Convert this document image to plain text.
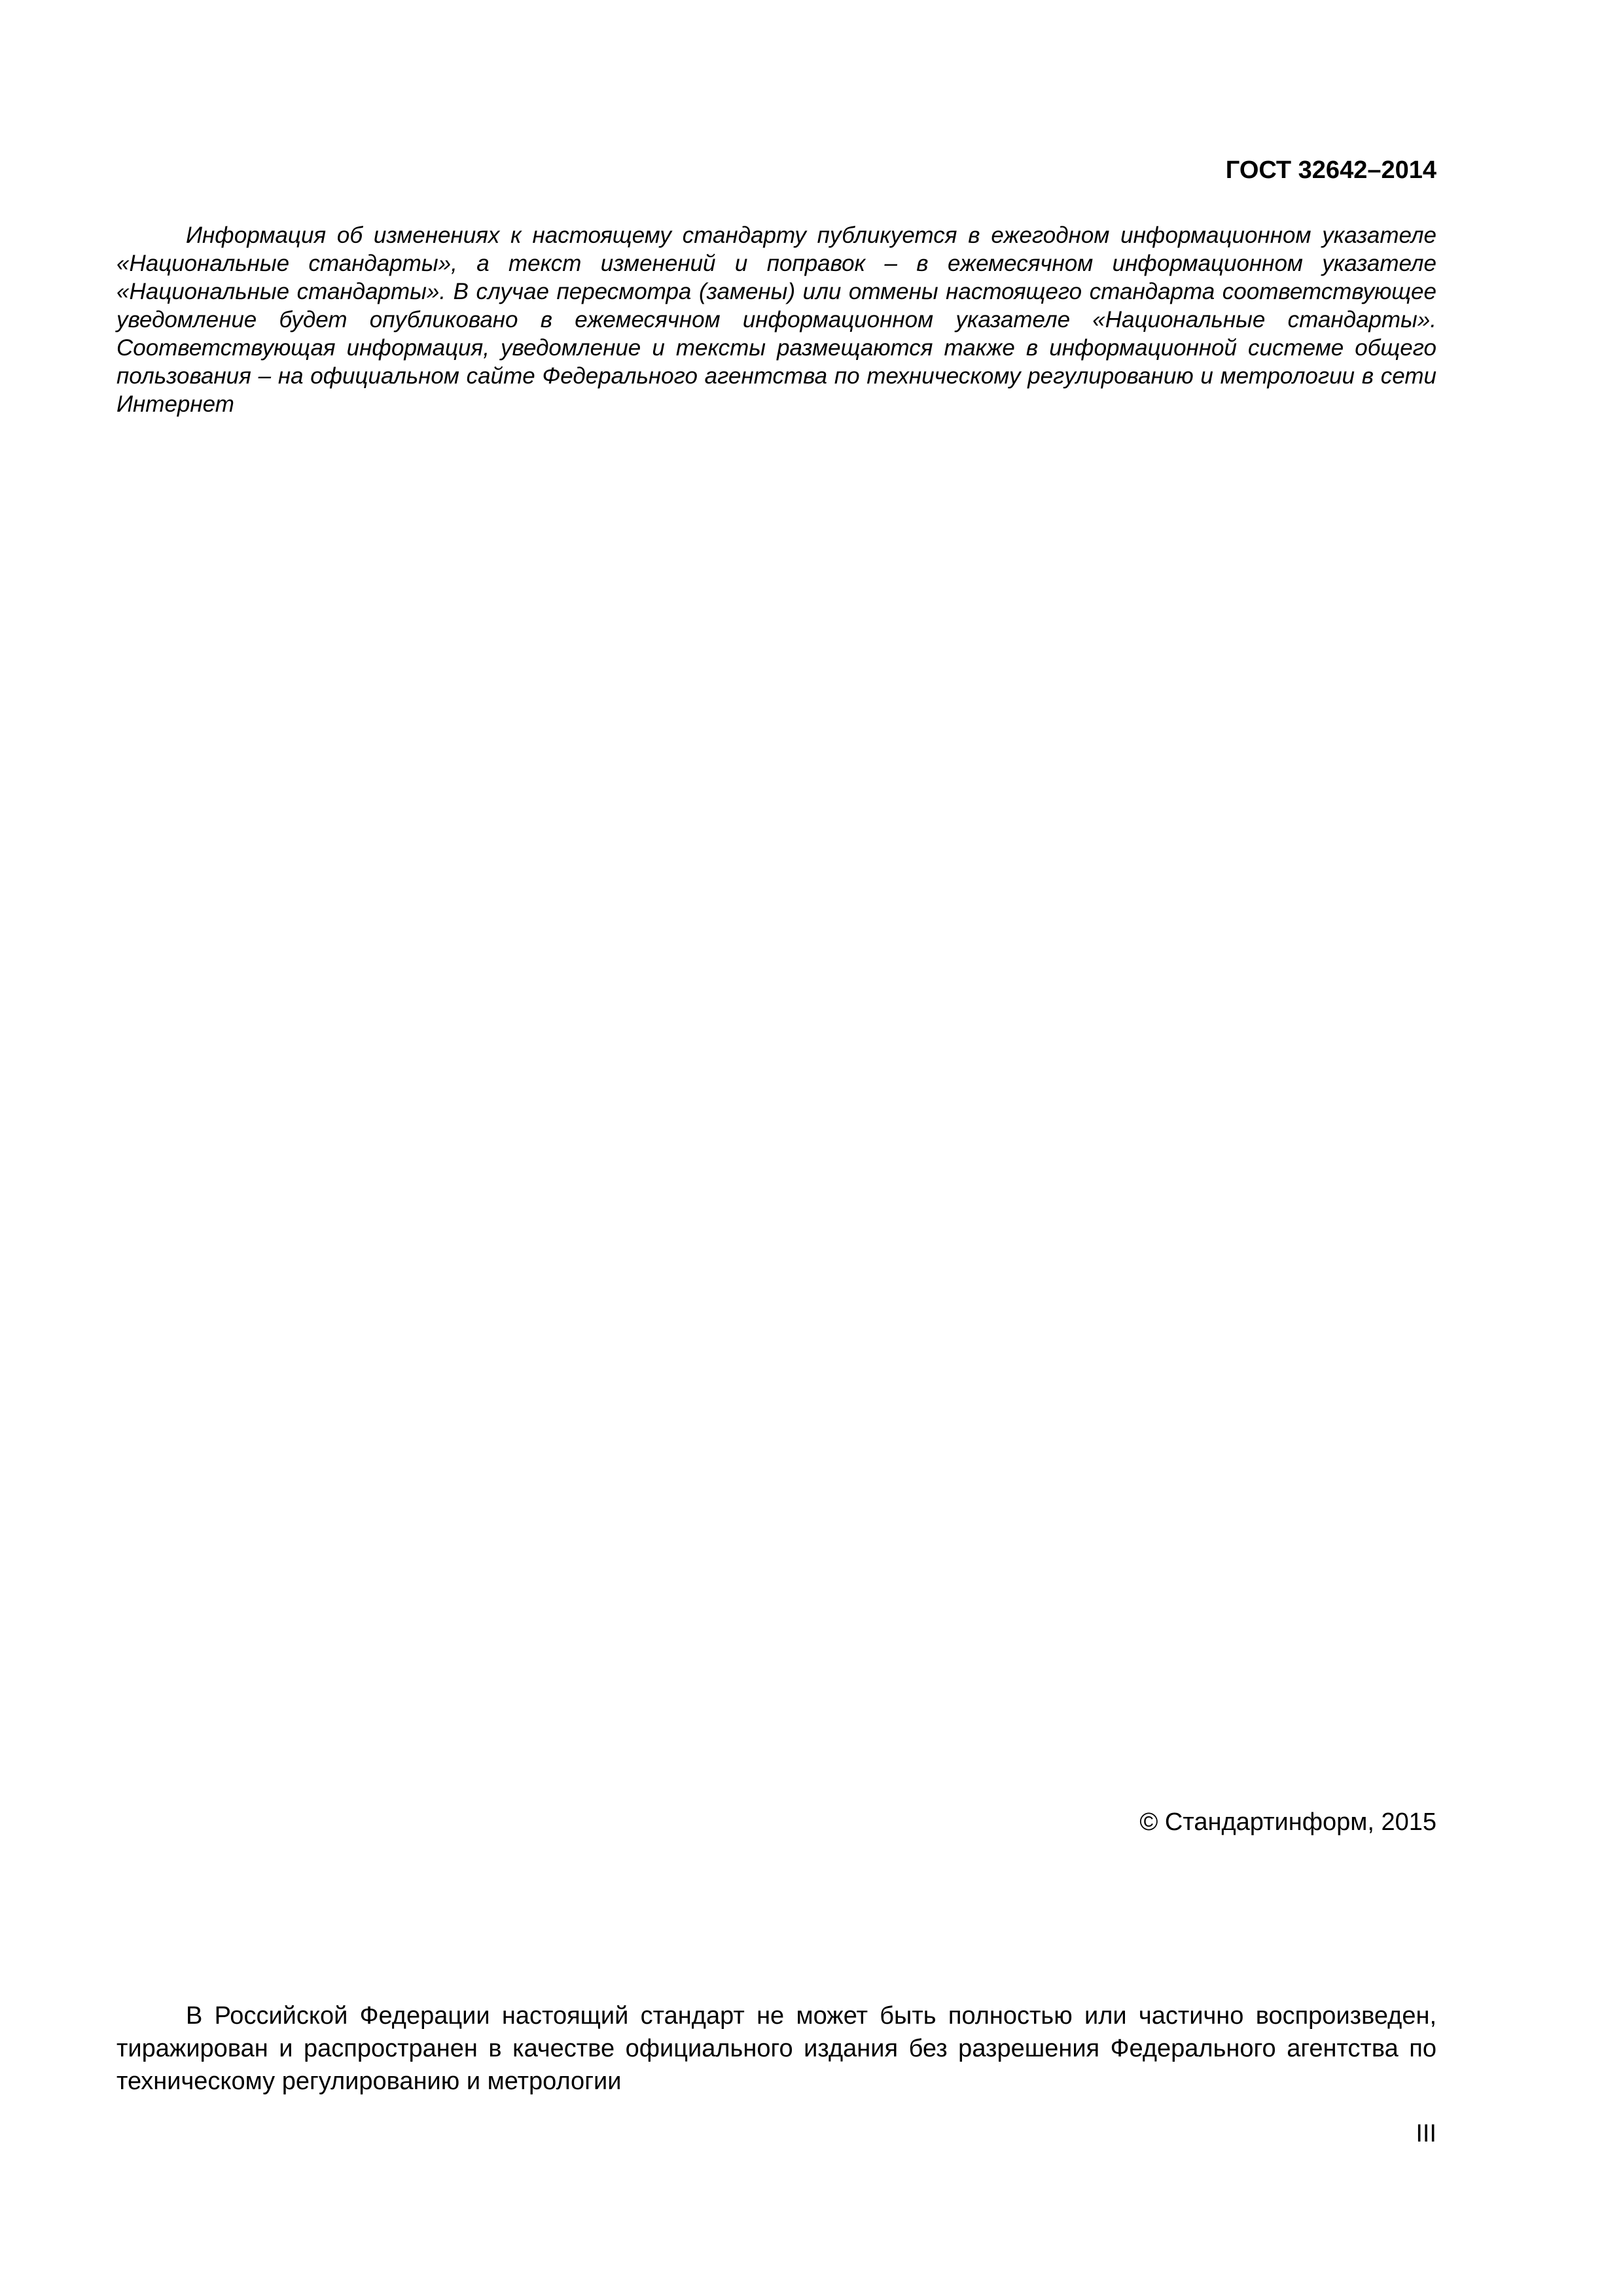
ГОСТ 32642–2014

Информация об изменениях к настоящему стандарту публикуется в ежегодном информационном указателе «Национальные стандарты», а текст изменений и поправок – в ежемесячном информационном указателе «Национальные стандарты». В случае пересмотра (замены) или отмены настоящего стандарта соответствующее уведомление будет опубликовано в ежемесячном информационном указателе «Национальные стандарты». Соответствующая информация, уведомление и тексты размещаются также в информационной системе общего пользования – на официальном сайте Федерального агентства по техническому регулированию и метрологии в сети Интернет

© Стандартинформ, 2015

В Российской Федерации настоящий стандарт не может быть полностью или частично воспроизведен, тиражирован и распространен в качестве официального издания без разрешения Федерального агентства по техническому регулированию и метрологии

III
